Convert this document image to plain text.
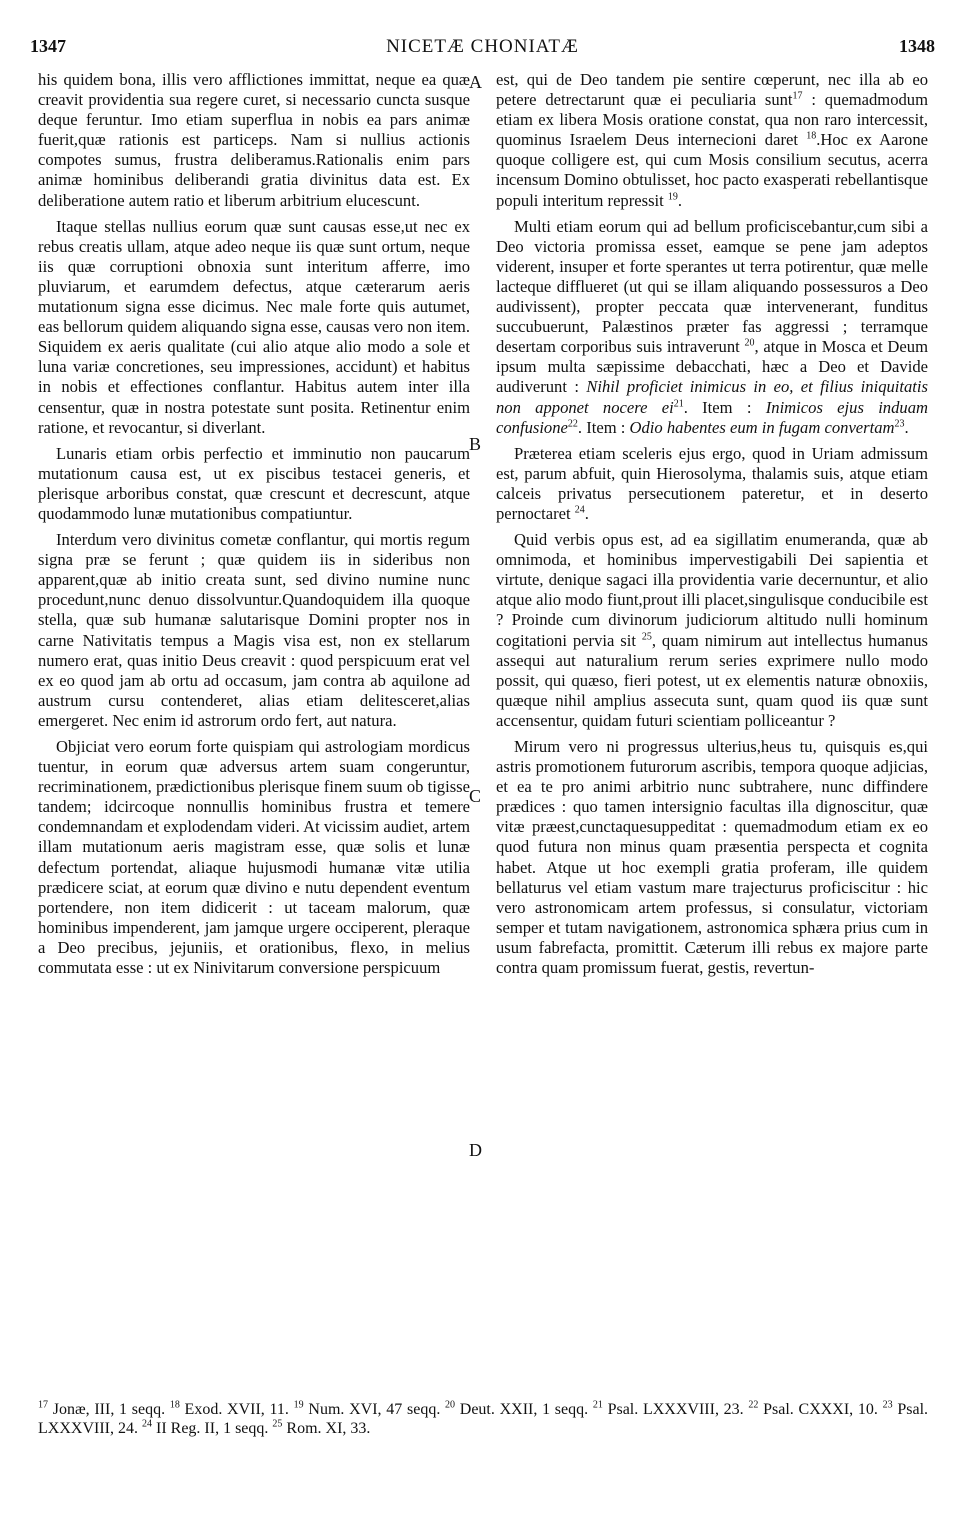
1347	NICETÆ CHONIATÆ	1348

his quidem bona, illis vero afflictiones immittat, neque ea quæ creavit providentia sua regere curet, si necessario cuncta susque deque feruntur. Imo etiam superflua in nobis ea pars animæ fuerit,quæ rationis est particeps. Nam si nullius actionis compotes sumus, frustra deliberamus.Rationalis enim pars animæ hominibus deliberandi gratia divinitus data est. Ex deliberatione autem ratio et liberum arbitrium elucescunt.

Itaque stellas nullius eorum quæ sunt causas esse,ut nec ex rebus creatis ullam, atque adeo neque iis quæ sunt ortum, neque iis quæ corruptioni obnoxia sunt interitum afferre, imo pluviarum, et earumdem defectus, atque cæterarum aeris mutationum signa esse dicimus. Nec male forte quis autumet, eas bellorum quidem aliquando signa esse, causas vero non item. Siquidem ex aeris qualitate (cui alio atque alio modo a sole et luna variæ concretiones, seu impressiones, accidunt) et habitus in nobis et effectiones conflantur. Habitus autem inter illa censentur, quæ in nostra potestate sunt posita. Retinentur enim ratione, et revocantur, si diverlant.

Lunaris etiam orbis perfectio et imminutio non paucarum mutationum causa est, ut ex piscibus testacei generis, et plerisque arboribus constat, quæ crescunt et decrescunt, atque quodammodo lunæ mutationibus compatiuntur.

Interdum vero divinitus cometæ conflantur, qui mortis regum signa præ se ferunt ; quæ quidem iis in sideribus non apparent,quæ ab initio creata sunt, sed divino numine nunc procedunt,nunc denuo dissolvuntur.Quandoquidem illa quoque stella, quæ sub humanæ salutarisque Domini propter nos in carne Nativitatis tempus a Magis visa est, non ex stellarum numero erat, quas initio Deus creavit : quod perspicuum erat vel ex eo quod jam ab ortu ad occasum, jam contra ab aquilone ad austrum cursu contenderet, alias etiam delitesceret,alias emergeret. Nec enim id astrorum ordo fert, aut natura.

Objiciat vero eorum forte quispiam qui astrologiam mordicus tuentur, in eorum quæ adversus artem suam congeruntur, recriminationem, prædictionibus plerisque finem suum ob tigisse tandem; idcircoque nonnullis hominibus frustra et temere condemnandam et explodendam videri. At vicissim audiet, artem illam mutationum aeris magistram esse, quæ solis et lunæ defectum portendat, aliaque hujusmodi humanæ vitæ utilia prædicere sciat, at eorum quæ divino e nutu dependent eventum portendere, non item didicerit : ut taceam malorum, quæ hominibus impenderent, jam jamque urgere occiperent, pleraque a Deo precibus, jejuniis, et orationibus, flexo, in melius commutata esse : ut ex Ninivitarum conversione perspicuum

A
B
C
D

est, qui de Deo tandem pie sentire cœperunt, nec illa ab eo petere detrectarunt quæ ei peculiaria sunt$^{17}$ : quemadmodum etiam ex libera Mosis oratione constat, qua non raro intercessit, quominus Israelem Deus internecioni daret $^{18}$.Hoc ex Aarone quoque colligere est, qui cum Mosis consilium secutus, acerra incensum Domino obtulisset, hoc pacto exasperati rebellantisque populi interitum repressit $^{19}$.

Multi etiam eorum qui ad bellum proficiscebantur,cum sibi a Deo victoria promissa esset, eamque se pene jam adeptos viderent, insuper et forte sperantes ut terra potirentur, quæ melle lacteque difflueret (ut qui se illam aliquando possessuros a Deo audivissent), propter peccata quæ intervenerant, funditus succubuerunt, Palæstinos præter fas aggressi ; terramque desertam corporibus suis intraverunt $^{20}$, atque in Mosca et Deum ipsum multa sæpissime debacchati, hæc a Deo et Davide audiverunt : Nihil proficiet inimicus in eo, et filius iniquitatis non apponet nocere $ei^{21}$. Item : Inimicos ejus induam confusione$^{22}$. Item : Odio habentes eum in fugam convertam$^{23}$.

Præterea etiam sceleris ejus ergo, quod in Uriam admissum est, parum abfuit, quin Hierosolyma, thalamis suis, atque etiam calceis privatus persecutionem pateretur, et in deserto pernoctaret $^{24}$.

Quid verbis opus est, ad ea sigillatim enumeranda, quæ ab omnimoda, et hominibus impervestigabili Dei sapientia et virtute, denique sagaci illa providentia varie decernuntur, et alio atque alio modo fiunt,prout illi placet,singulisque conducibile est ? Proinde cum divinorum judiciorum altitudo nulli hominum cogitationi pervia sit $^{25}$, quam nimirum aut intellectus humanus assequi aut naturalium rerum series exprimere nullo modo possit, qui quæso, fieri potest, ut ex elementis naturæ obnoxiis, quæque nihil amplius assecuta sunt, quam quod iis quæ sunt accensentur, quidam futuri scientiam polliceantur ?

Mirum vero ni progressus ulterius,heus tu, quisquis es,qui astris promotionem futurorum ascribis, tempora quoque adjicias, et ea te pro animi arbitrio nunc subtrahere, nunc diffindere prædices : quo tamen intersignio facultas illa dignoscitur, quæ vitæ præest,cunctaquesuppeditat : quemadmodum etiam ex eo quod futura non minus quam præsentia perspecta et cognita habet. Atque ut hoc exempli gratia proferam, ille quidem bellaturus vel etiam vastum mare trajecturus proficiscitur : hic vero astronomicam artem professus, si consulatur, victoriam semper et tutam navigationem, astronomica sphæra prius cum in usum fabrefacta, promittit. Cæterum illi rebus ex majore parte contra quam promissum fuerat, gestis, revertun-

$^{17}$ Jonæ, III, 1 seqq. $^{18}$ Exod. XVII, 11. $^{19}$ Num. XVI, 47 seqq. $^{20}$ Deut. XXII, 1 seqq. $^{21}$ Psal. LXXXVIII, 23. $^{22}$ Psal. CXXXI, 10. $^{23}$ Psal. LXXXVIII, 24. $^{24}$ II Reg. II, 1 seqq. $^{25}$ Rom. XI, 33.
